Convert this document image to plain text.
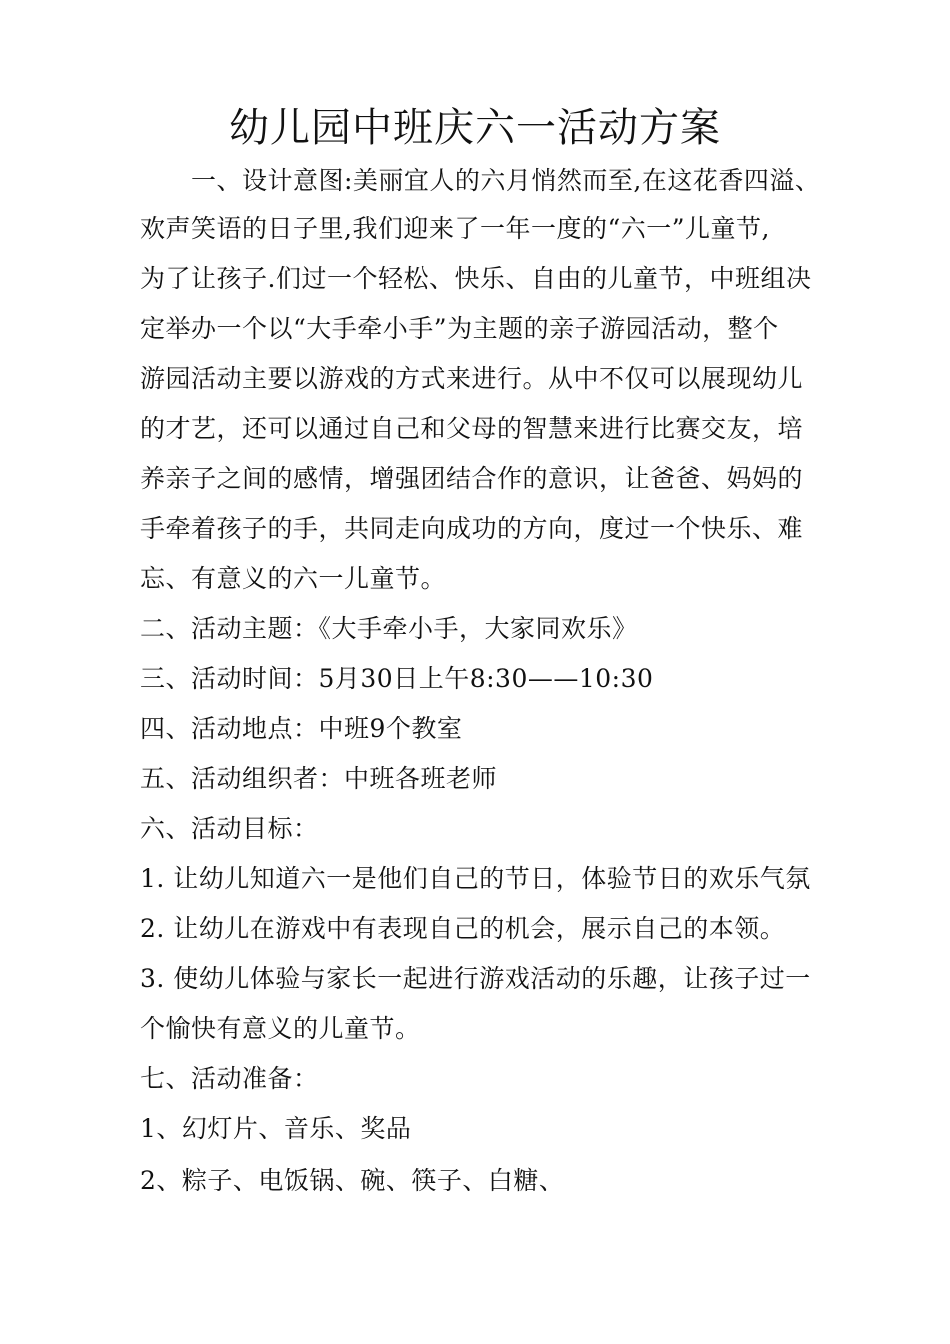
幼儿园中班庆六一活动方案
　　一、设计意图:美丽宜人的六月悄然而至,在这花香四溢、
欢声笑语的日子里,我们迎来了一年一度的“六一”儿童节,
为了让孩子.们过一个轻松、快乐、自由的儿童节，中班组决
定举办一个以“大手牵小手”为主题的亲子游园活动，整个
游园活动主要以游戏的方式来进行。从中不仅可以展现幼儿
的才艺，还可以通过自己和父母的智慧来进行比赛交友，培
养亲子之间的感情，增强团结合作的意识，让爸爸、妈妈的
手牵着孩子的手，共同走向成功的方向，度过一个快乐、难
忘、有意义的六一儿童节。
二、活动主题：《大手牵小手，大家同欢乐》
三、活动时间：5月30日上午8:30——10:30
四、活动地点：中班9个教室
五、活动组织者：中班各班老师
六、活动目标：
1. 让幼儿知道六一是他们自己的节日，体验节日的欢乐气氛
2. 让幼儿在游戏中有表现自己的机会，展示自己的本领。
3. 使幼儿体验与家长一起进行游戏活动的乐趣，让孩子过一
个愉快有意义的儿童节。
七、活动准备：
1、幻灯片、音乐、奖品
2、粽子、电饭锅、碗、筷子、白糖、
